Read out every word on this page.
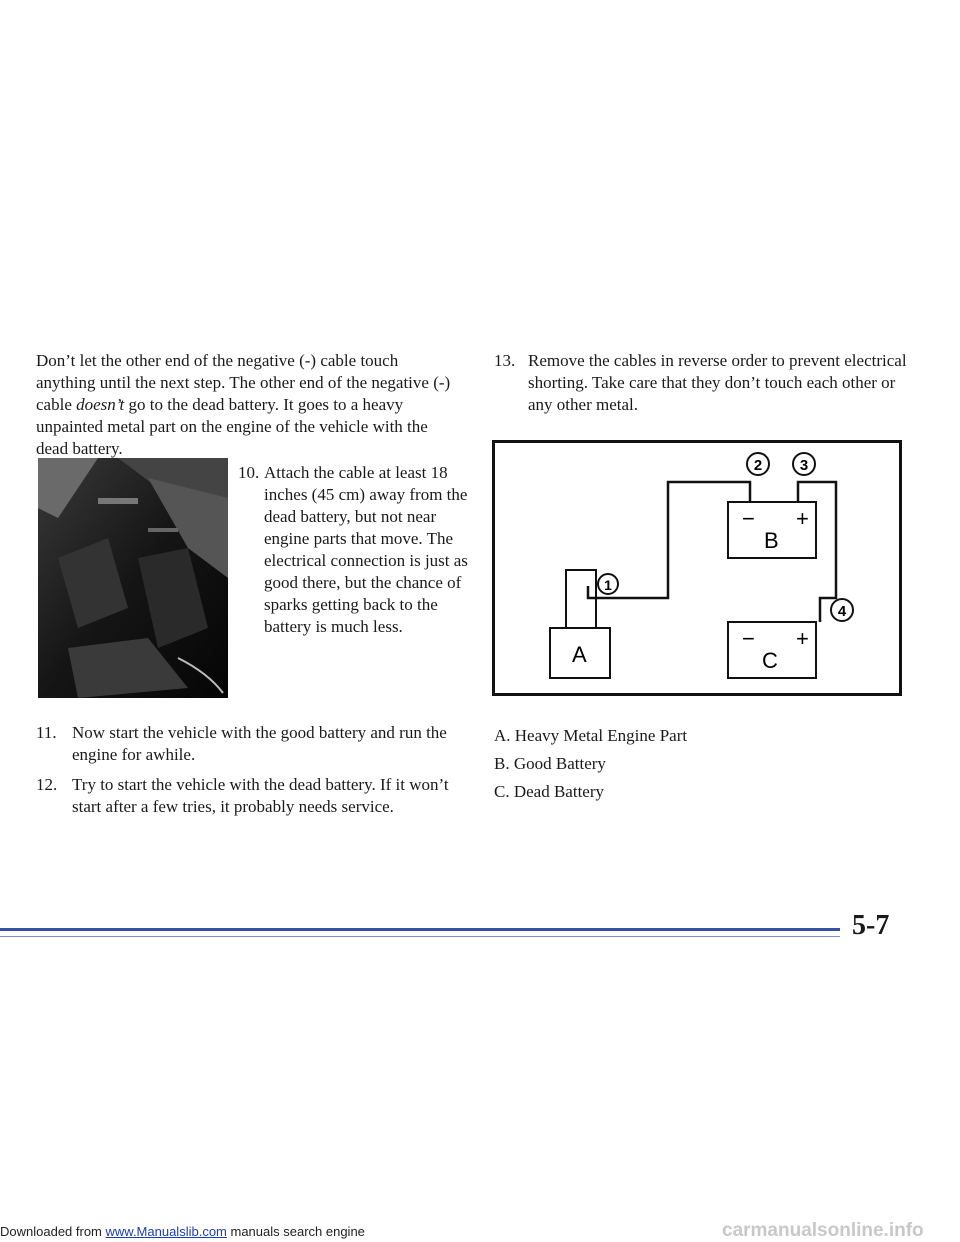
Don’t let the other end of the negative (-) cable touch anything until the next step. The other end of the negative (-) cable doesn’t go to the dead battery. It goes to a heavy unpainted metal part on the engine of the vehicle with the dead battery.
10. Attach the cable at least 18 inches (45 cm) away from the dead battery, but not near engine parts that move. The electrical connection is just as good there, but the chance of sparks getting back to the battery is much less.
11. Now start the vehicle with the good battery and run the engine for awhile.
12. Try to start the vehicle with the dead battery. If it won’t start after a few tries, it probably needs service.
13. Remove the cables in reverse order to prevent electrical shorting. Take care that they don’t touch each other or any other metal.
− +
B
− +
C
A
1
2	3
4
A. Heavy Metal Engine Part
B. Good Battery
C. Dead Battery
5-7
Downloaded from www.Manualslib.com manuals search engine	carmanualsonline.info
